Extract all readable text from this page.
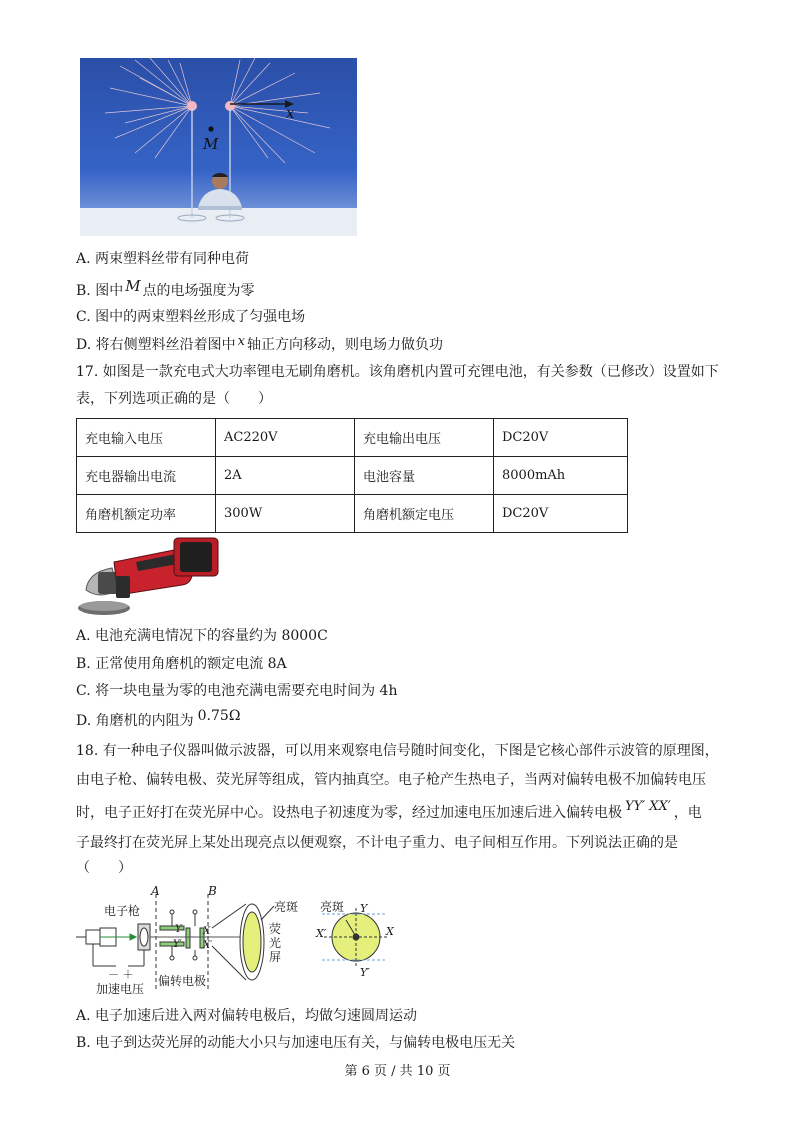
x
M
A. 两束塑料丝带有同种电荷
B. 图中 M 点的电场强度为零
C. 图中的两束塑料丝形成了匀强电场
D. 将右侧塑料丝沿着图中 x 轴正方向移动，则电场力做负功
17. 如图是一款充电式大功率锂电无刷角磨机。该角磨机内置可充锂电池，有关参数（已修改）设置如下
表，下列选项正确的是（　　）
充电输入电压	AC220V	充电输出电压	DC20V
充电器输出电流	2A	电池容量	8000mAh
角磨机额定功率	300W	角磨机额定电压	DC20V
A. 电池充满电情况下的容量约为 8000C
B. 正常使用角磨机的额定电流 8A
C. 将一块电量为零的电池充满电需要充电时间为 4h
D. 角磨机的内阻为 0.75Ω
18. 有一种电子仪器叫做示波器，可以用来观察电信号随时间变化，下图是它核心部件示波管的原理图，
由电子枪、偏转电极、荧光屏等组成，管内抽真空。电子枪产生热电子，当两对偏转电极不加偏转电压
时，电子正好打在荧光屏中心。设热电子初速度为零，经过加速电压加速后进入偏转电极 YY′ XX′ ，电
子最终打在荧光屏上某处出现亮点以便观察，不计电子重力、电子间相互作用。下列说法正确的是
（　　）
A	B
电子枪
偏转电极
加速电压
－ ＋
亮斑
荧
光
屏
Y
Y′
X
X′
亮斑 Y
X
X′
Y′
A. 电子加速后进入两对偏转电极后，均做匀速圆周运动
B. 电子到达荧光屏的动能大小只与加速电压有关，与偏转电极电压无关
第 6 页 / 共 10 页
